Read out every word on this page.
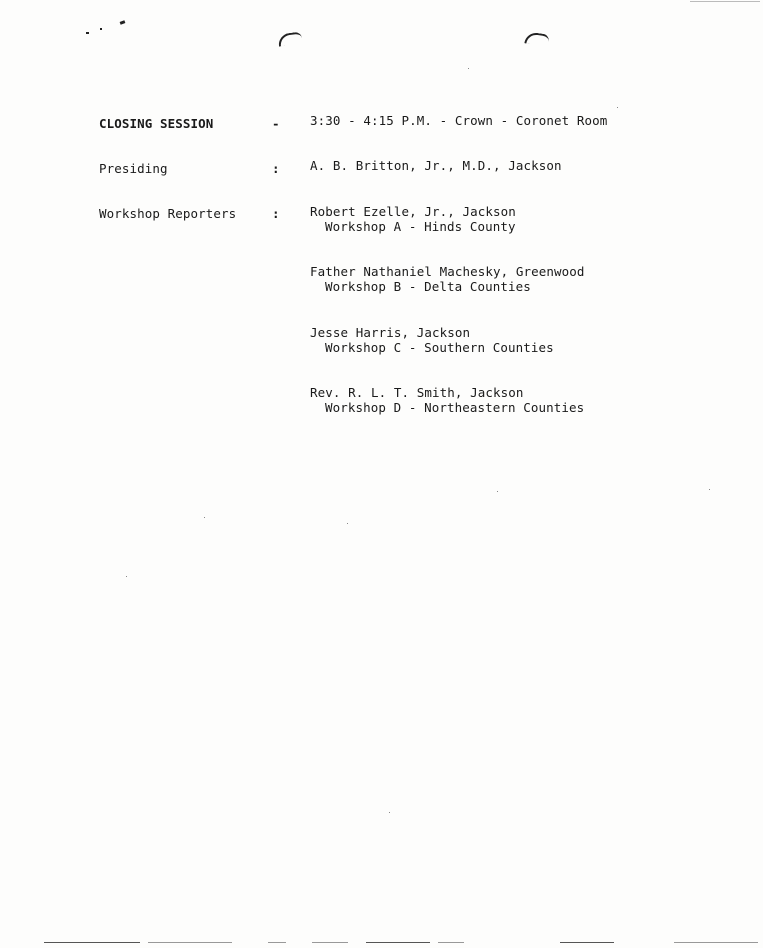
CLOSING SESSION	- 3:30 - 4:15 P.M. - Crown - Coronet Room
Presiding	: A. B. Britton, Jr., M.D., Jackson
Workshop Reporters	: Robert Ezelle, Jr., Jackson
Workshop A - Hinds County
Father Nathaniel Machesky, Greenwood
Workshop B - Delta Counties
Jesse Harris, Jackson
Workshop C - Southern Counties
Rev. R. L. T. Smith, Jackson
Workshop D - Northeastern Counties
